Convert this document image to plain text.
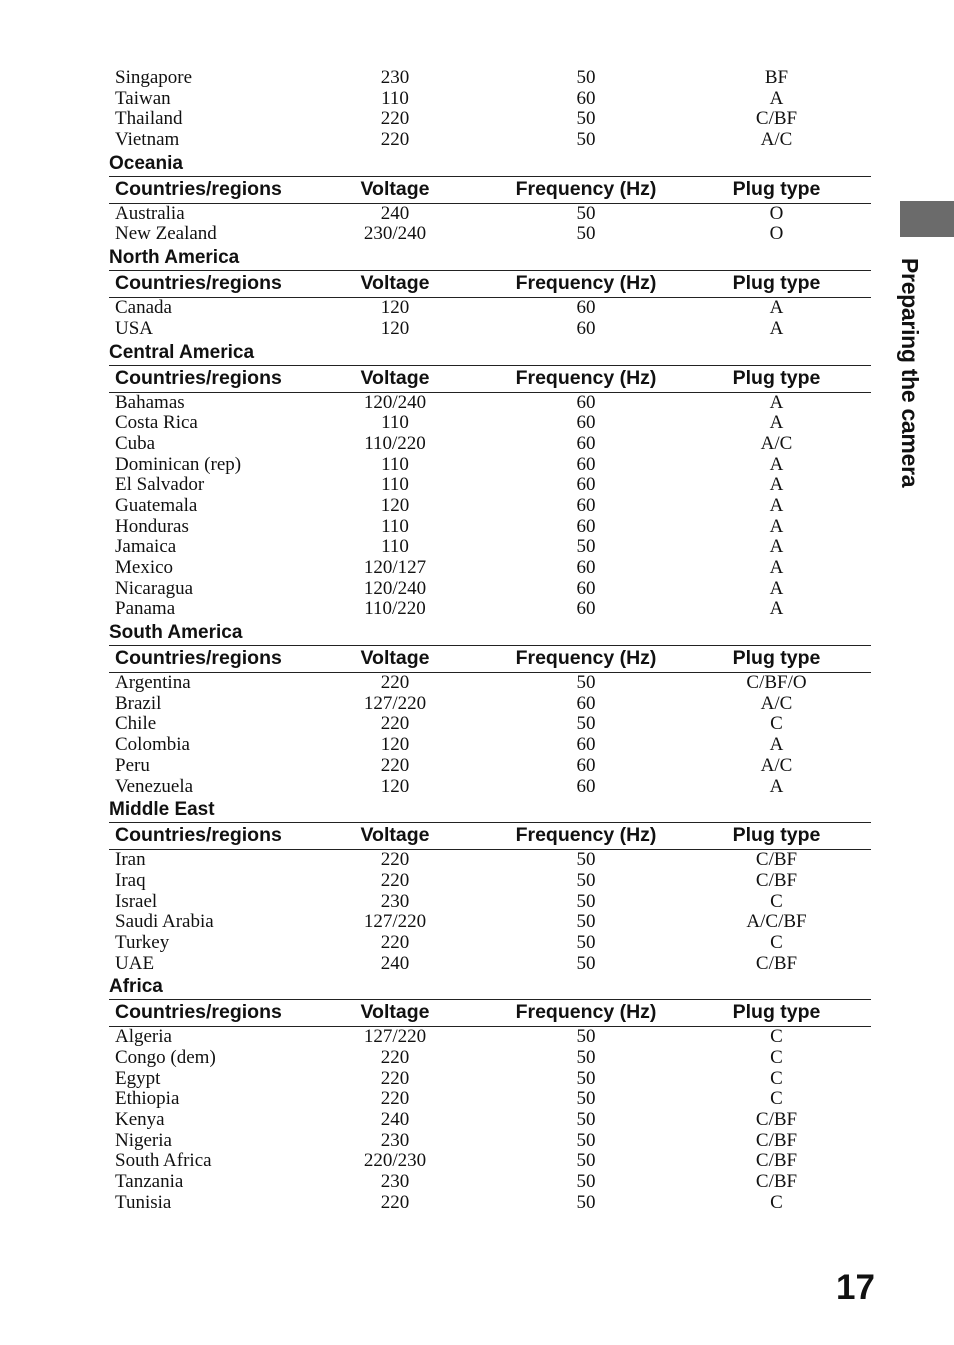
Singapore	230	50	BF
Taiwan	110	60	A
Thailand	220	50	C/BF
Vietnam	220	50	A/C
Oceania
Countries/regions	Voltage	Frequency (Hz)	Plug type
Australia	240	50	O
New Zealand	230/240	50	O
North America
Countries/regions	Voltage	Frequency (Hz)	Plug type
Canada	120	60	A
USA	120	60	A
Central America
Countries/regions	Voltage	Frequency (Hz)	Plug type
Bahamas	120/240	60	A
Costa Rica	110	60	A
Cuba	110/220	60	A/C
Dominican (rep)	110	60	A
El Salvador	110	60	A
Guatemala	120	60	A
Honduras	110	60	A
Jamaica	110	50	A
Mexico	120/127	60	A
Nicaragua	120/240	60	A
Panama	110/220	60	A
South America
Countries/regions	Voltage	Frequency (Hz)	Plug type
Argentina	220	50	C/BF/O
Brazil	127/220	60	A/C
Chile	220	50	C
Colombia	120	60	A
Peru	220	60	A/C
Venezuela	120	60	A
Middle East
Countries/regions	Voltage	Frequency (Hz)	Plug type
Iran	220	50	C/BF
Iraq	220	50	C/BF
Israel	230	50	C
Saudi Arabia	127/220	50	A/C/BF
Turkey	220	50	C
UAE	240	50	C/BF
Africa
Countries/regions	Voltage	Frequency (Hz)	Plug type
Algeria	127/220	50	C
Congo (dem)	220	50	C
Egypt	220	50	C
Ethiopia	220	50	C
Kenya	240	50	C/BF
Nigeria	230	50	C/BF
South Africa	220/230	50	C/BF
Tanzania	230	50	C/BF
Tunisia	220	50	C
Preparing the camera
17
